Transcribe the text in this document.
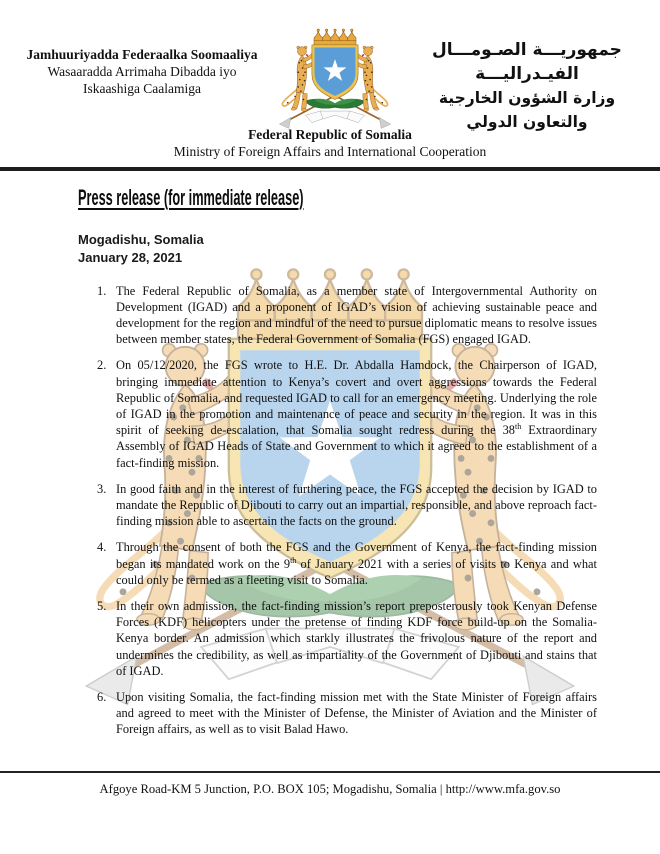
Jamhuuriyadda Federaalka Soomaaliya
Wasaaradda Arrimaha Dibadda iyo
Iskaashiga Caalamiga
جمهوريـــة الصـومـــال الفيـدراليـــة
وزارة الشؤون الخارجية
والتعاون الدولي
Federal Republic of Somalia
Ministry of Foreign Affairs and International Cooperation
Press release (for immediate release)
Mogadishu, Somalia
January 28, 2021
1. The Federal Republic of Somalia, as a member state of Intergovernmental Authority on Development (IGAD) and a proponent of IGAD’s vision of achieving sustainable peace and development for the region and mindful of the need to pursue diplomatic means to resolve issues between member states, the Federal Government of Somalia (FGS) engaged IGAD.
2. On 05/12/2020, the FGS wrote to H.E. Dr. Abdalla Hamdock, the Chairperson of IGAD, bringing immediate attention to Kenya’s covert and overt aggressions towards the Federal Republic of Somalia, and requested IGAD to call for an emergency meeting. Underlying the role of IGAD in the promotion and maintenance of peace and security in the region. It was in this spirit of seeking de-escalation, that Somalia sought redress during the 38th Extraordinary Assembly of IGAD Heads of State and Government to which it agreed to the establishment of a fact-finding mission.
3. In good faith and in the interest of furthering peace, the FGS accepted the decision by IGAD to mandate the Republic of Djibouti to carry out an impartial, responsible, and above reproach fact-finding mission able to ascertain the facts on the ground.
4. Through the consent of both the FGS and the Government of Kenya, the fact-finding mission began its mandated work on the 9th of January 2021 with a series of visits to Kenya and what could only be termed as a fleeting visit to Somalia.
5. In their own admission, the fact-finding mission’s report preposterously took Kenyan Defense Forces (KDF) helicopters under the pretense of finding KDF force build-up on the Somalia-Kenya border. An admission which starkly illustrates the frivolous nature of the report and undermines the credibility, as well as impartiality of the Government of Djibouti and stains that of IGAD.
6. Upon visiting Somalia, the fact-finding mission met with the State Minister of Foreign affairs and agreed to meet with the Minister of Defense, the Minister of Aviation and the Minister of Foreign affairs, as well as to visit Balad Hawo.
Afgoye Road-KM 5 Junction, P.O. BOX 105; Mogadishu, Somalia | http://www.mfa.gov.so
